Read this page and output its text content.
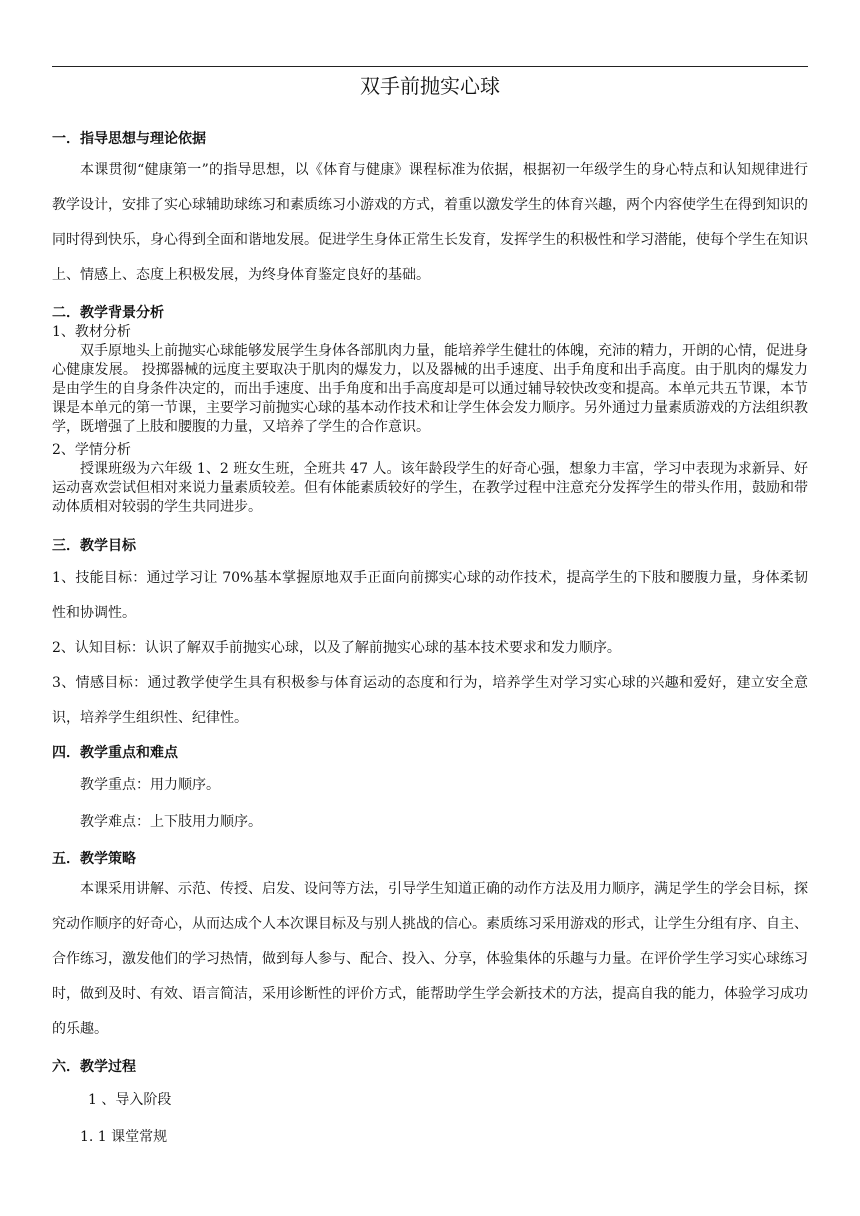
双手前抛实心球
一．指导思想与理论依据
本课贯彻“健康第一”的指导思想，以《体育与健康》课程标准为依据，根据初一年级学生的身心特点和认知规律进行教学设计，安排了实心球辅助球练习和素质练习小游戏的方式，着重以激发学生的体育兴趣，两个内容使学生在得到知识的同时得到快乐，身心得到全面和谐地发展。促进学生身体正常生长发育，发挥学生的积极性和学习潜能，使每个学生在知识上、情感上、态度上积极发展，为终身体育鉴定良好的基础。
二．教学背景分析
1、教材分析
双手原地头上前抛实心球能够发展学生身体各部肌肉力量，能培养学生健壮的体魄，充沛的精力，开朗的心情，促进身心健康发展。 投掷器械的远度主要取决于肌肉的爆发力，以及器械的出手速度、出手角度和出手高度。由于肌肉的爆发力是由学生的自身条件决定的，而出手速度、出手角度和出手高度却是可以通过辅导较快改变和提高。本单元共五节课，本节课是本单元的第一节课，主要学习前抛实心球的基本动作技术和让学生体会发力顺序。另外通过力量素质游戏的方法组织教学，既增强了上肢和腰腹的力量，又培养了学生的合作意识。
2、学情分析
授课班级为六年级 1、2 班女生班，全班共 47 人。该年龄段学生的好奇心强，想象力丰富，学习中表现为求新异、好运动喜欢尝试但相对来说力量素质较差。但有体能素质较好的学生，在教学过程中注意充分发挥学生的带头作用，鼓励和带动体质相对较弱的学生共同进步。
三．教学目标
1、技能目标：通过学习让 70%基本掌握原地双手正面向前掷实心球的动作技术，提高学生的下肢和腰腹力量，身体柔韧性和协调性。
2、认知目标：认识了解双手前抛实心球，以及了解前抛实心球的基本技术要求和发力顺序。
3、情感目标：通过教学使学生具有积极参与体育运动的态度和行为，培养学生对学习实心球的兴趣和爱好，建立安全意识，培养学生组织性、纪律性。
四．教学重点和难点
教学重点：用力顺序。
教学难点：上下肢用力顺序。
五．教学策略
本课采用讲解、示范、传授、启发、设问等方法，引导学生知道正确的动作方法及用力顺序，满足学生的学会目标，探究动作顺序的好奇心，从而达成个人本次课目标及与别人挑战的信心。素质练习采用游戏的形式，让学生分组有序、自主、合作练习，激发他们的学习热情，做到每人参与、配合、投入、分享，体验集体的乐趣与力量。在评价学生学习实心球练习时，做到及时、有效、语言简洁，采用诊断性的评价方式，能帮助学生学会新技术的方法，提高自我的能力，体验学习成功的乐趣。
六．教学过程
1 、导入阶段
1. 1 课堂常规
